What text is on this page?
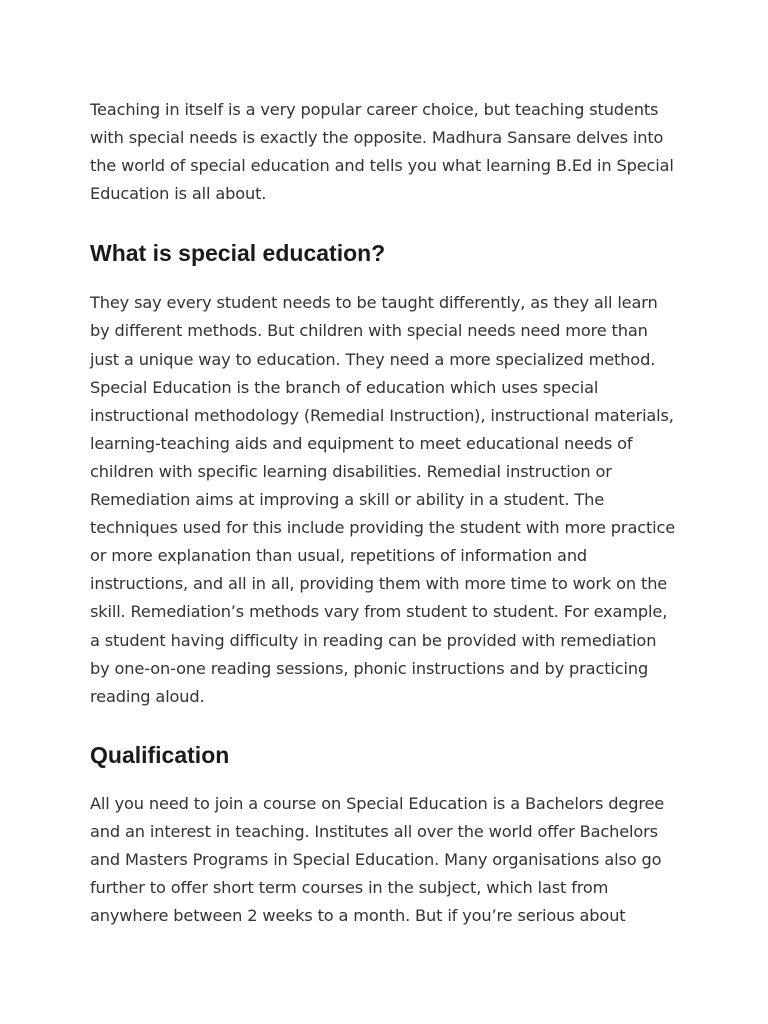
Teaching in itself is a very popular career choice, but teaching students with special needs is exactly the opposite. Madhura Sansare delves into the world of special education and tells you what learning B.Ed in Special Education is all about.

What is special education?

They say every student needs to be taught differently, as they all learn by different methods. But children with special needs need more than just a unique way to education. They need a more specialized method. Special Education is the branch of education which uses special instructional methodology (Remedial Instruction), instructional materials, learning-teaching aids and equipment to meet educational needs of children with specific learning disabilities. Remedial instruction or Remediation aims at improving a skill or ability in a student. The techniques used for this include providing the student with more practice or more explanation than usual, repetitions of information and instructions, and all in all, providing them with more time to work on the skill. Remediation’s methods vary from student to student. For example, a student having difficulty in reading can be provided with remediation by one-on-one reading sessions, phonic instructions and by practicing reading aloud.

Qualification

All you need to join a course on Special Education is a Bachelors degree and an interest in teaching. Institutes all over the world offer Bachelors and Masters Programs in Special Education. Many organisations also go further to offer short term courses in the subject, which last from anywhere between 2 weeks to a month. But if you’re serious about
